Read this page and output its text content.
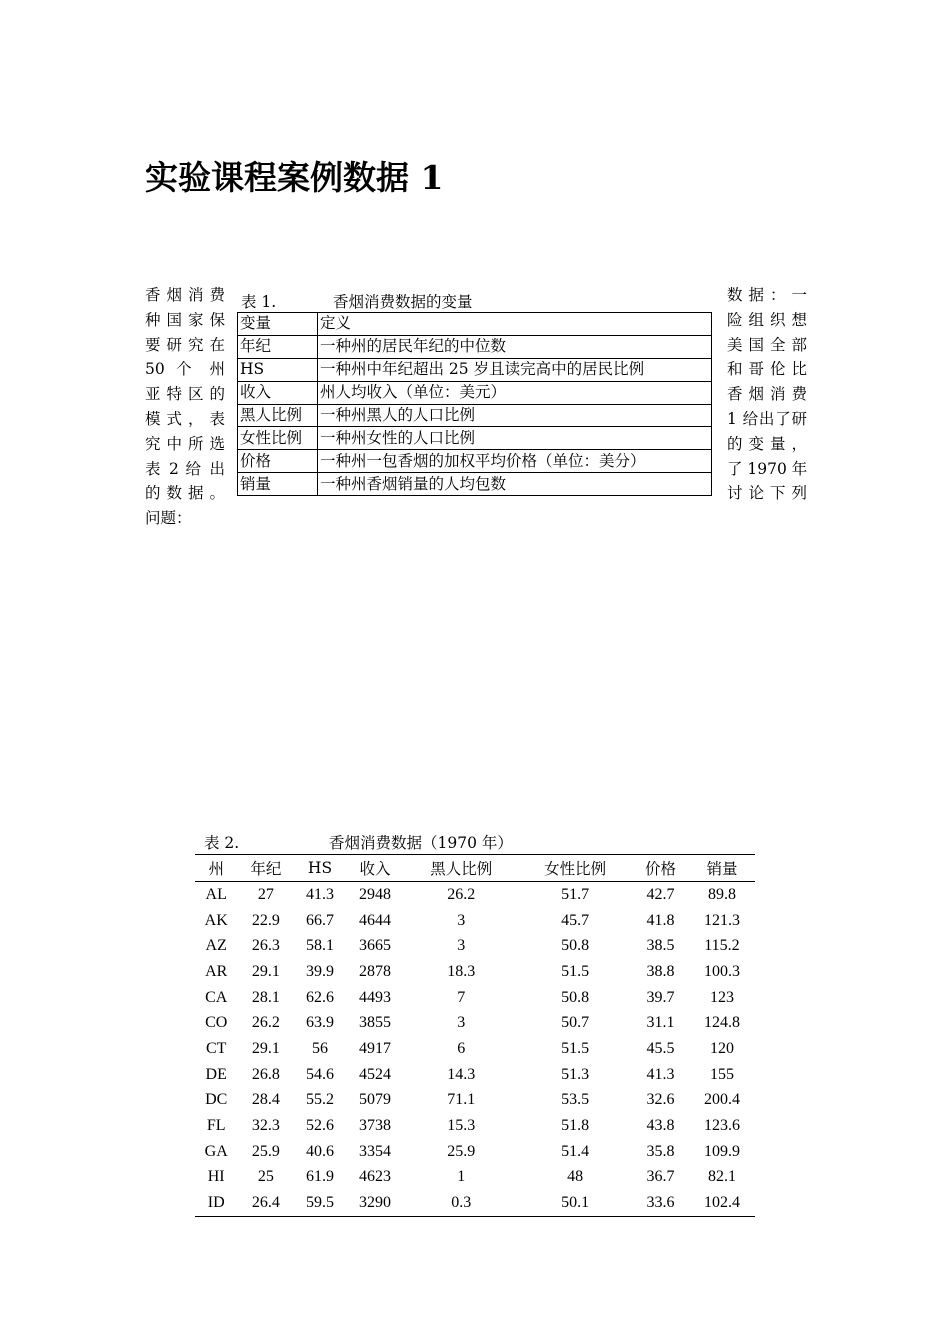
实验课程案例数据 1
香 烟 消 费
种 国 家 保
要 研 究 在
50 个 州
亚 特 区 的
模 式 ， 表
究 中 所 选
表 2 给 出
的 数 据 。
问题：
数 据 ： 一
险 组 织 想
美 国 全 部
和 哥 伦 比
香 烟 消 费
1 给出了研
的 变 量 ，
了 1970 年
讨 论 下 列
表 1.	香烟消费数据的变量
变量	定义
年纪	一种州的居民年纪的中位数
HS	一种州中年纪超出 25 岁且读完高中的居民比例
收入	州人均收入（单位：美元）
黑人比例	一种州黑人的人口比例
女性比例	一种州女性的人口比例
价格	一种州一包香烟的加权平均价格（单位：美分）
销量	一种州香烟销量的人均包数
表 2.	香烟消费数据（1970 年）
州	年纪	HS	收入	黑人比例	女性比例	价格	销量
AL	27	41.3	2948	26.2	51.7	42.7	89.8
AK	22.9	66.7	4644	3	45.7	41.8	121.3
AZ	26.3	58.1	3665	3	50.8	38.5	115.2
AR	29.1	39.9	2878	18.3	51.5	38.8	100.3
CA	28.1	62.6	4493	7	50.8	39.7	123
CO	26.2	63.9	3855	3	50.7	31.1	124.8
CT	29.1	56	4917	6	51.5	45.5	120
DE	26.8	54.6	4524	14.3	51.3	41.3	155
DC	28.4	55.2	5079	71.1	53.5	32.6	200.4
FL	32.3	52.6	3738	15.3	51.8	43.8	123.6
GA	25.9	40.6	3354	25.9	51.4	35.8	109.9
HI	25	61.9	4623	1	48	36.7	82.1
ID	26.4	59.5	3290	0.3	50.1	33.6	102.4
